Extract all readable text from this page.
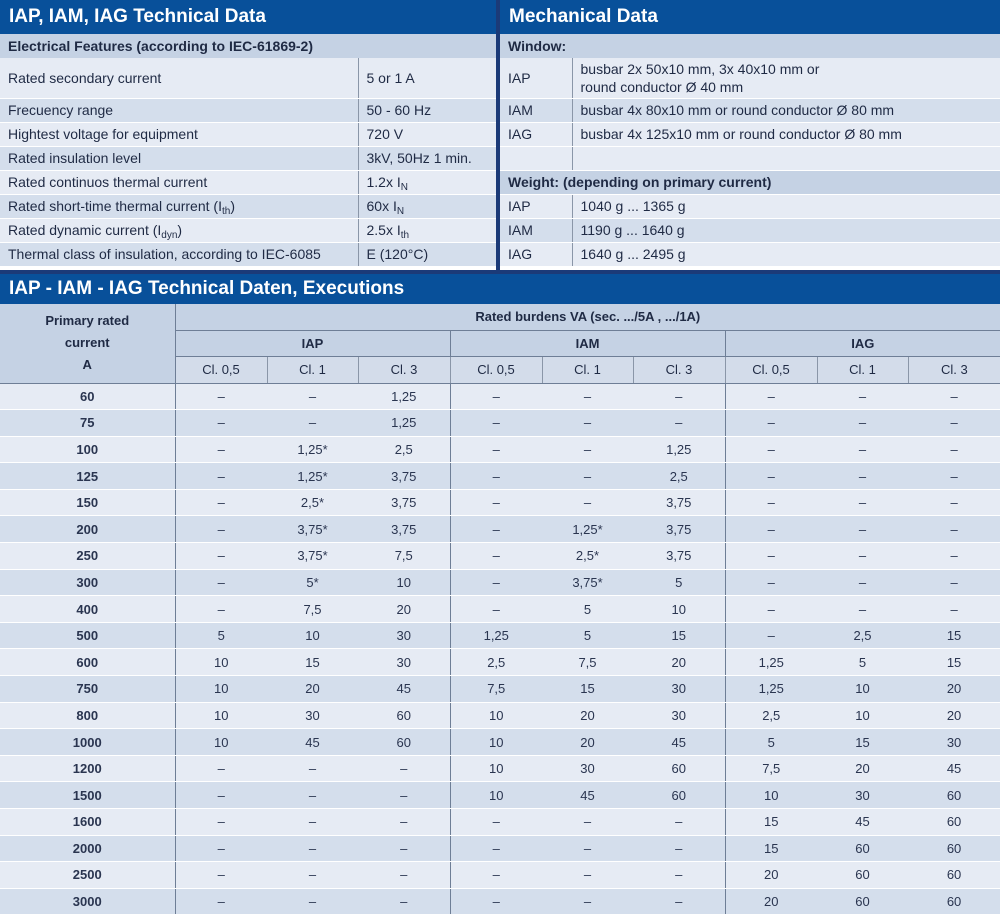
IAP, IAM, IAG Technical Data
Electrical Features (according to IEC-61869-2)
Rated secondary current	5 or 1 A
Frecuency range	50 - 60 Hz
Hightest voltage for equipment	720 V
Rated insulation level	3kV, 50Hz 1 min.
Rated continuos thermal current	1.2x $I_N$
Rated short-time thermal current $(I_{th})$	60x $I_N$
Rated dynamic current $(I_{dyn})$	2.5x $I_{th}$
Thermal class of insulation, according to IEC-6085	E (120°C)
Mechanical Data
Window:
IAP	busbar 2x 50x10 mm, 3x 40x10 mm or
round conductor Ø 40 mm

IAM	busbar 4x 80x10 mm or round conductor Ø 80 mm
IAG	busbar 4x 125x10 mm or round conductor Ø 80 mm

Weight: (depending on primary current)	
IAP	1040 g ... 1365 g
IAM	1190 g ... 1640 g
IAG	1640 g ... 2495 g
IAP - IAM - IAG Technical Daten, Executions
Primary rated
current
A	Rated burdens VA (sec. .../5A , .../1A)								
	IAP			IAM			IAG		
	Cl. 0,5	Cl. 1	Cl. 3	Cl. 0,5	Cl. 1	Cl. 3	Cl. 0,5	Cl. 1	Cl. 3
60	–	–	1,25	–	–	–	–	–	–
75	–	–	1,25	–	–	–	–	–	–
100	–	1,25*	2,5	–	–	1,25	–	–	–
125	–	1,25*	3,75	–	–	2,5	–	–	–
150	–	2,5*	3,75	–	–	3,75	–	–	–
200	–	3,75*	3,75	–	1,25*	3,75	–	–	–
250	–	3,75*	7,5	–	2,5*	3,75	–	–	–
300	–	5*	10	–	3,75*	5	–	–	–
400	–	7,5	20	–	5	10	–	–	–
500	5	10	30	1,25	5	15	–	2,5	15
600	10	15	30	2,5	7,5	20	1,25	5	15
750	10	20	45	7,5	15	30	1,25	10	20
800	10	30	60	10	20	30	2,5	10	20
1000	10	45	60	10	20	45	5	15	30
1200	–	–	–	10	30	60	7,5	20	45
1500	–	–	–	10	45	60	10	30	60
1600	–	–	–	–	–	–	15	45	60
2000	–	–	–	–	–	–	15	60	60
2500	–	–	–	–	–	–	20	60	60
3000	–	–	–	–	–	–	20	60	60
